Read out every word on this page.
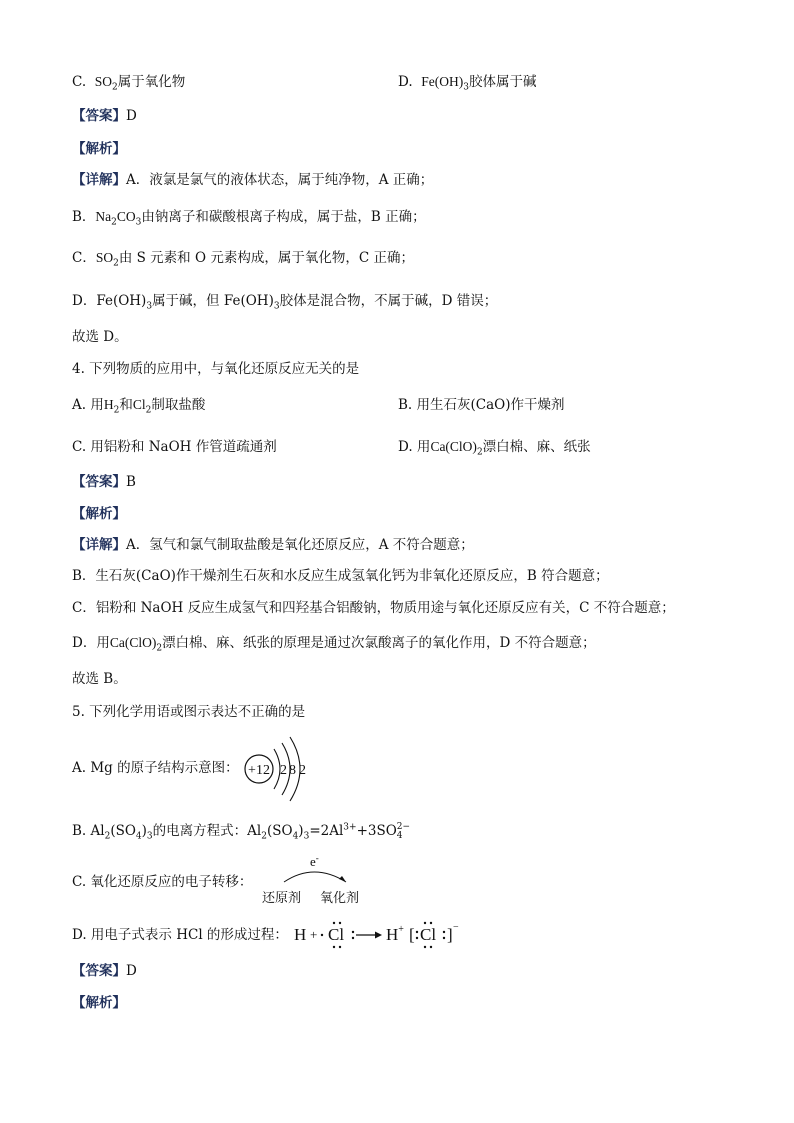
C. $SO_2$属于氧化物	D. $Fe(OH)_3$胶体属于碱
【答案】D
【解析】
【详解】A．液氯是氯气的液体状态，属于纯净物，A 正确；
B．$Na_2CO_3$由钠离子和碳酸根离子构成，属于盐，B 正确；
C．$SO_2$由 S 元素和 O 元素构成，属于氧化物，C 正确；
D．$Fe(OH)_3$属于碱，但 $Fe(OH)_3$胶体是混合物，不属于碱，D 错误；
故选 D。
4. 下列物质的应用中，与氧化还原反应无关的是
A. 用$H_2$和$Cl_2$制取盐酸	B. 用生石灰(CaO)作干燥剂
C. 用铝粉和 NaOH 作管道疏通剂	D. 用$Ca(ClO)_2$漂白棉、麻、纸张
【答案】B
【解析】
【详解】A．氢气和氯气制取盐酸是氧化还原反应，A 不符合题意；
B．生石灰(CaO)作干燥剂生石灰和水反应生成氢氧化钙为非氧化还原反应，B 符合题意；
C．铝粉和 NaOH 反应生成氢气和四羟基合铝酸钠，物质用途与氧化还原反应有关，C 不符合题意；
D．用$Ca(ClO)_2$漂白棉、麻、纸张的原理是通过次氯酸离子的氧化作用，D 不符合题意；
故选 B。
5. 下列化学用语或图示表达不正确的是
A. Mg 的原子结构示意图： +12 2 8 2
B. $Al_2(SO_4)_3$的电离方程式：$Al_2(SO_4)_3=2Al^{3+}+3SO$ 2−
4
C. 氧化还原反应的电子转移：
e-
还原剂 氧化剂
D. 用电子式表示 HCl 的形成过程： H + Cl H+ [ Cl ] −
【答案】D
【解析】
